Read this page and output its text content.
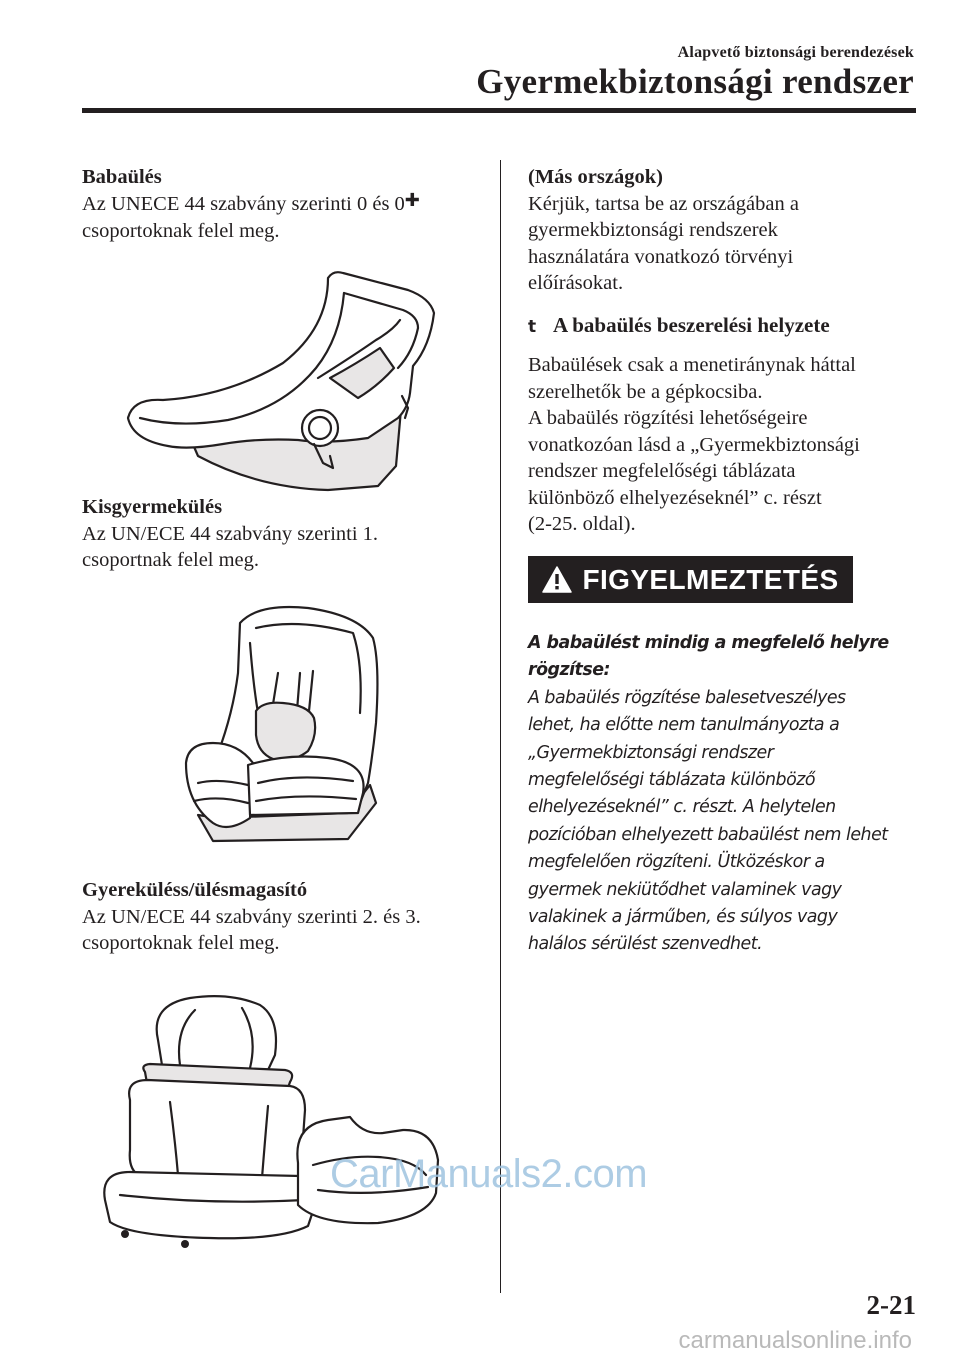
Alapvető biztonsági berendezések
Gyermekbiztonsági rendszer

Babaülés

Az UNECE 44 szabvány szerinti 0 és 0✚

csoportoknak felel meg.

Kisgyermekülés

Az UN/ECE 44 szabvány szerinti 1.

csoportnak felel meg.

Gyereküléss/ülésmagasító

Az UN/ECE 44 szabvány szerinti 2. és 3.

csoportoknak felel meg.

(Más országok)

Kérjük, tartsa be az országában a

gyermekbiztonsági rendszerek

használatára vonatkozó törvényi

előírásokat.

t A babaülés beszerelési helyzete

Babaülések csak a menetiránynak háttal

szerelhetők be a gépkocsiba.

A babaülés rögzítési lehetőségeire

vonatkozóan lásd a „Gyermekbiztonsági

rendszer megfelelőségi táblázata

különböző elhelyezéseknél” c. részt

(2-25. oldal).

FIGYELMEZTETÉS
A babaülést mindig a megfelelő helyre
rögzítse:
A babaülés rögzítése balesetveszélyes
lehet, ha előtte nem tanulmányozta a
„Gyermekbiztonsági rendszer
megfelelőségi táblázata különböző
elhelyezéseknél” c. részt. A helytelen
pozícióban elhelyezett babaülést nem lehet
megfelelően rögzíteni. Ütközéskor a
gyermek nekiütődhet valaminek vagy
valakinek a járműben, és súlyos vagy
halálos sérülést szenvedhet.
CarManuals2.com
2-21
carmanualsonline.info
